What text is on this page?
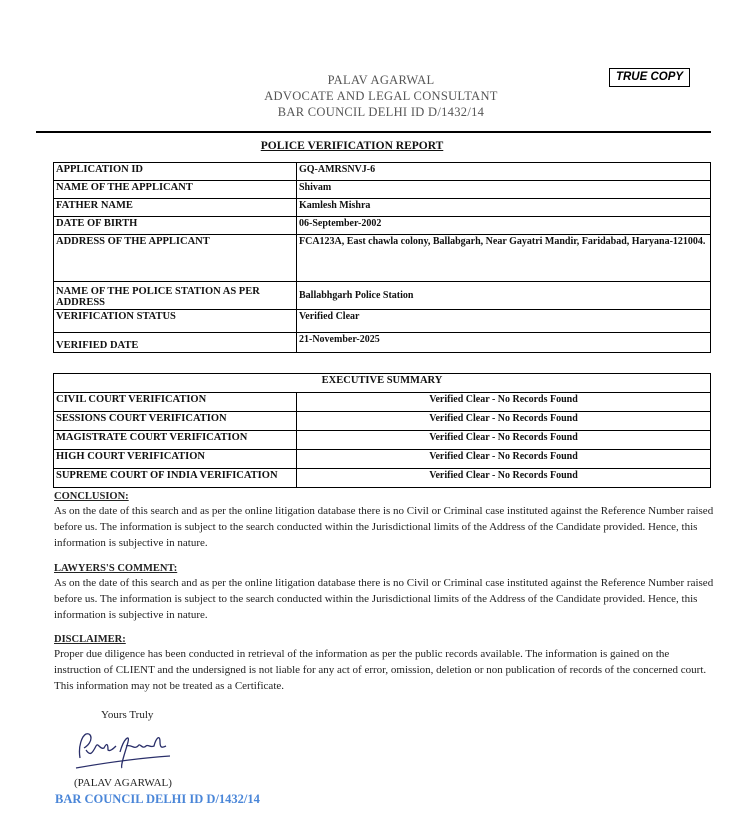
PALAV AGARWAL
ADVOCATE AND LEGAL CONSULTANT
BAR COUNCIL DELHI ID D/1432/14
TRUE COPY
POLICE VERIFICATION REPORT
APPLICATION ID	GQ-AMRSNVJ-6
NAME OF THE APPLICANT	Shivam
FATHER NAME	Kamlesh Mishra
DATE OF BIRTH	06-September-2002
ADDRESS OF THE APPLICANT	FCA123A, East chawla colony, Ballabgarh, Near Gayatri Mandir, Faridabad, Haryana-121004.
NAME OF THE POLICE STATION AS PER ADDRESS	Ballabhgarh Police Station
VERIFICATION STATUS	Verified Clear
VERIFIED DATE	21-November-2025
EXECUTIVE SUMMARY	
CIVIL COURT VERIFICATION	Verified Clear - No Records Found
SESSIONS COURT VERIFICATION	Verified Clear - No Records Found
MAGISTRATE COURT VERIFICATION	Verified Clear - No Records Found
HIGH COURT VERIFICATION	Verified Clear - No Records Found
SUPREME COURT OF INDIA VERIFICATION	Verified Clear - No Records Found
CONCLUSION:
As on the date of this search and as per the online litigation database there is no Civil or Criminal case instituted against the Reference Number raised before us. The information is subject to the search conducted within the Jurisdictional limits of the Address of the Candidate provided. Hence, this information is subjective in nature.
LAWYERS'S COMMENT:
As on the date of this search and as per the online litigation database there is no Civil or Criminal case instituted against the Reference Number raised before us. The information is subject to the search conducted within the Jurisdictional limits of the Address of the Candidate provided. Hence, this information is subjective in nature.
DISCLAIMER:
Proper due diligence has been conducted in retrieval of the information as per the public records available. The information is gained on the instruction of CLIENT and the undersigned is not liable for any act of error, omission, deletion or non publication of records of the concerned court. This information may not be treated as a Certificate.
Yours Truly
(PALAV AGARWAL)
BAR COUNCIL DELHI ID D/1432/14
